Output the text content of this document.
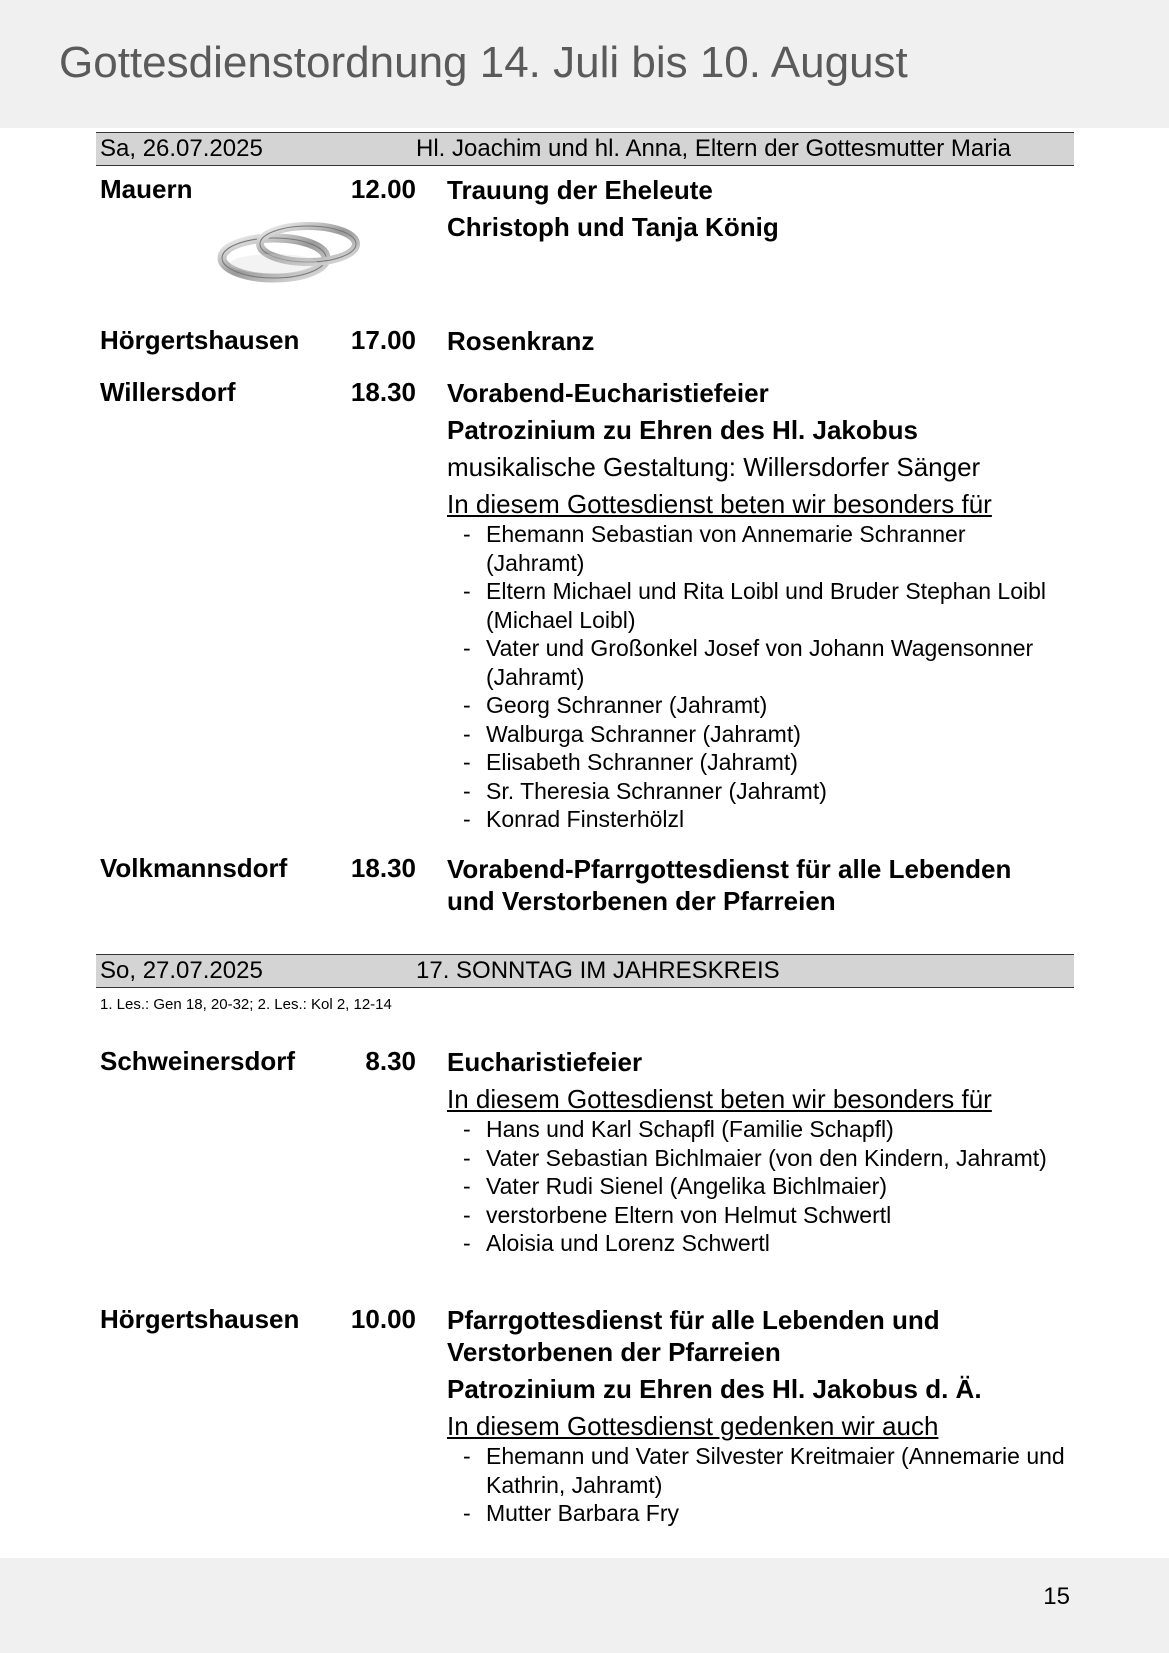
Gottesdienstordnung 14. Juli bis 10. August
Sa, 26.07.2025	Hl. Joachim und hl. Anna, Eltern der Gottesmutter Maria
Mauern	12.00 Trauung der Eheleute
Christoph und Tanja König
Hörgertshausen	17.00 Rosenkranz
Willersdorf	18.30 Vorabend-Eucharistiefeier
Patrozinium zu Ehren des Hl. Jakobus
musikalische Gestaltung: Willersdorfer Sänger
In diesem Gottesdienst beten wir besonders für
- Ehemann Sebastian von Annemarie Schranner (Jahramt)
- Eltern Michael und Rita Loibl und Bruder Stephan Loibl (Michael Loibl)
- Vater und Großonkel Josef von Johann Wagensonner (Jahramt)
- Georg Schranner (Jahramt)
- Walburga Schranner (Jahramt)
- Elisabeth Schranner (Jahramt)
- Sr. Theresia Schranner (Jahramt)
- Konrad Finsterhölzl
Volkmannsdorf	18.30 Vorabend-Pfarrgottesdienst für alle Lebenden
und Verstorbenen der Pfarreien
So, 27.07.2025	17. SONNTAG IM JAHRESKREIS
1. Les.: Gen 18, 20-32; 2. Les.: Kol 2, 12-14
Schweinersdorf	8.30 Eucharistiefeier
In diesem Gottesdienst beten wir besonders für
- Hans und Karl Schapfl (Familie Schapfl)
- Vater Sebastian Bichlmaier (von den Kindern, Jahramt)
- Vater Rudi Sienel (Angelika Bichlmaier)
- verstorbene Eltern von Helmut Schwertl
- Aloisia und Lorenz Schwertl
Hörgertshausen	10.00 Pfarrgottesdienst für alle Lebenden und
Verstorbenen der Pfarreien
Patrozinium zu Ehren des Hl. Jakobus d. Ä.
In diesem Gottesdienst gedenken wir auch
- Ehemann und Vater Silvester Kreitmaier (Annemarie und Kathrin, Jahramt)
- Mutter Barbara Fry
15
